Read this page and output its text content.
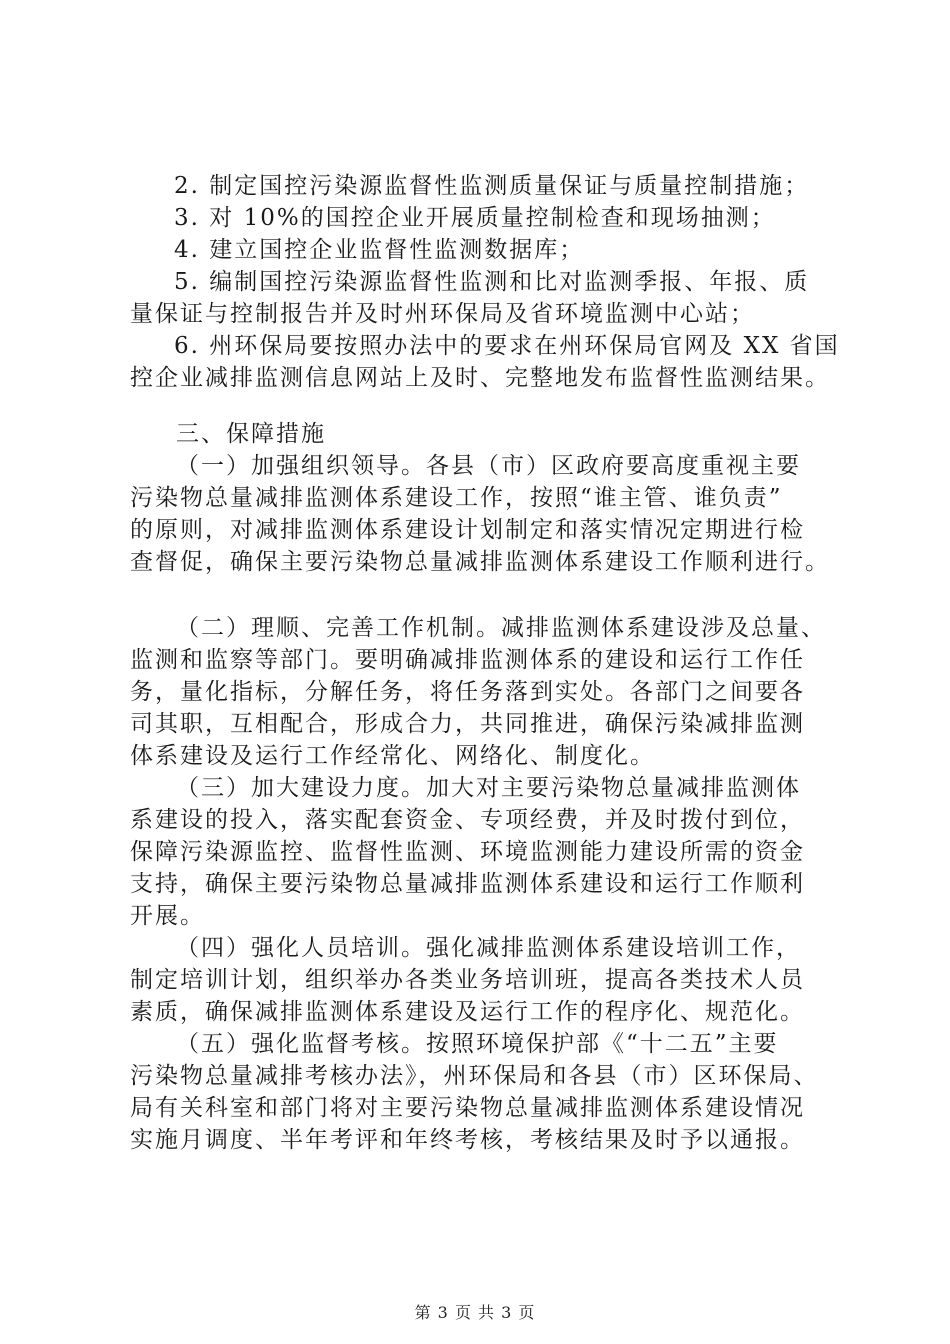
2. 制定国控污染源监督性监测质量保证与质量控制措施；
3. 对 10%的国控企业开展质量控制检查和现场抽测；
4. 建立国控企业监督性监测数据库；
5. 编制国控污染源监督性监测和比对监测季报、年报、质
量保证与控制报告并及时州环保局及省环境监测中心站；
6. 州环保局要按照办法中的要求在州环保局官网及 XX 省国
控企业减排监测信息网站上及时、完整地发布监督性监测结果。
三、保障措施
（一）加强组织领导。各县（市）区政府要高度重视主要
污染物总量减排监测体系建设工作，按照“谁主管、谁负责”
的原则，对减排监测体系建设计划制定和落实情况定期进行检
查督促，确保主要污染物总量减排监测体系建设工作顺利进行。
（二）理顺、完善工作机制。减排监测体系建设涉及总量、
监测和监察等部门。要明确减排监测体系的建设和运行工作任
务，量化指标，分解任务，将任务落到实处。各部门之间要各
司其职，互相配合，形成合力，共同推进，确保污染减排监测
体系建设及运行工作经常化、网络化、制度化。
（三）加大建设力度。加大对主要污染物总量减排监测体
系建设的投入，落实配套资金、专项经费，并及时拨付到位，
保障污染源监控、监督性监测、环境监测能力建设所需的资金
支持，确保主要污染物总量减排监测体系建设和运行工作顺利
开展。
（四）强化人员培训。强化减排监测体系建设培训工作，
制定培训计划，组织举办各类业务培训班，提高各类技术人员
素质，确保减排监测体系建设及运行工作的程序化、规范化。
（五）强化监督考核。按照环境保护部《“十二五”主要
污染物总量减排考核办法》，州环保局和各县（市）区环保局、
局有关科室和部门将对主要污染物总量减排监测体系建设情况
实施月调度、半年考评和年终考核，考核结果及时予以通报。
第 3 页 共 3 页
